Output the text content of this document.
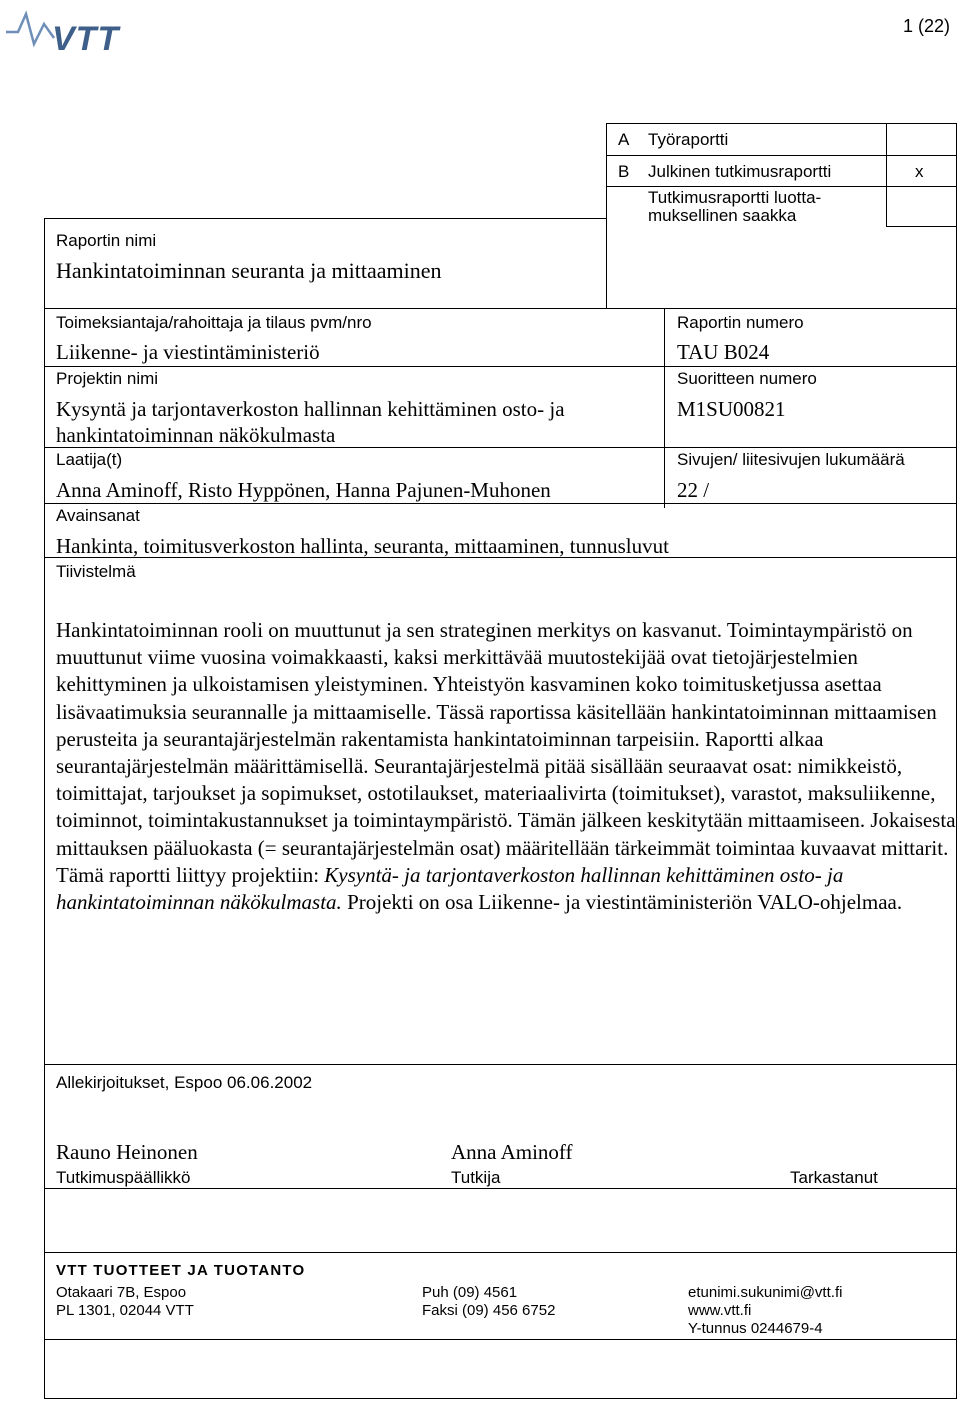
VTT	1 (22)
A Työraportti
B Julkinen tutkimusraportti	x
Tutkimusraportti luotta-
muksellinen saakka
Raportin nimi
Hankintatoiminnan seuranta ja mittaaminen
Toimeksiantaja/rahoittaja ja tilaus pvm/nro
Liikenne- ja viestintäministeriö
Raportin numero
TAU B024
Projektin nimi
Kysyntä ja tarjontaverkoston hallinnan kehittäminen osto- ja
hankintatoiminnan näkökulmasta
Suoritteen numero
M1SU00821
Laatija(t)
Anna Aminoff, Risto Hyppönen, Hanna Pajunen-Muhonen
Sivujen/ liitesivujen lukumäärä
22 /
Avainsanat
Hankinta, toimitusverkoston hallinta, seuranta, mittaaminen, tunnusluvut
Tiivistelmä
Hankintatoiminnan rooli on muuttunut ja sen strateginen merkitys on kasvanut. Toimintaympäristö on muuttunut viime vuosina voimakkaasti, kaksi merkittävää muutostekijää ovat tietojärjestelmien kehittyminen ja ulkoistamisen yleistyminen. Yhteistyön kasvaminen koko toimitusketjussa asettaa lisävaatimuksia seurannalle ja mittaamiselle. Tässä raportissa käsitellään hankintatoiminnan mittaamisen perusteita ja seurantajärjestelmän rakentamista hankintatoiminnan tarpeisiin. Raportti alkaa seurantajärjestelmän määrittämisellä. Seurantajärjestelmä pitää sisällään seuraavat osat: nimikkeistö, toimittajat, tarjoukset ja sopimukset, ostotilaukset, materiaalivirta (toimitukset), varastot, maksuliikenne, toiminnot, toimintakustannukset ja toimintaympäristö. Tämän jälkeen keskitytään mittaamiseen. Jokaisesta mittauksen pääluokasta (= seurantajärjestelmän osat) määritellään tärkeimmät toimintaa kuvaavat mittarit. Tämä raportti liittyy projektiin: Kysyntä- ja tarjontaverkoston hallinnan kehittäminen osto- ja hankintatoiminnan näkökulmasta. Projekti on osa Liikenne- ja viestintäministeriön VALO-ohjelmaa.
Allekirjoitukset, Espoo 06.06.2002
Rauno Heinonen
Tutkimuspäällikkö
Anna Aminoff
Tutkija	Tarkastanut
VTT TUOTTEET JA TUOTANTO
Otakaari 7B, Espoo
PL 1301, 02044 VTT
Puh (09) 4561
Faksi (09) 456 6752
etunimi.sukunimi@vtt.fi
www.vtt.fi
Y-tunnus 0244679-4
